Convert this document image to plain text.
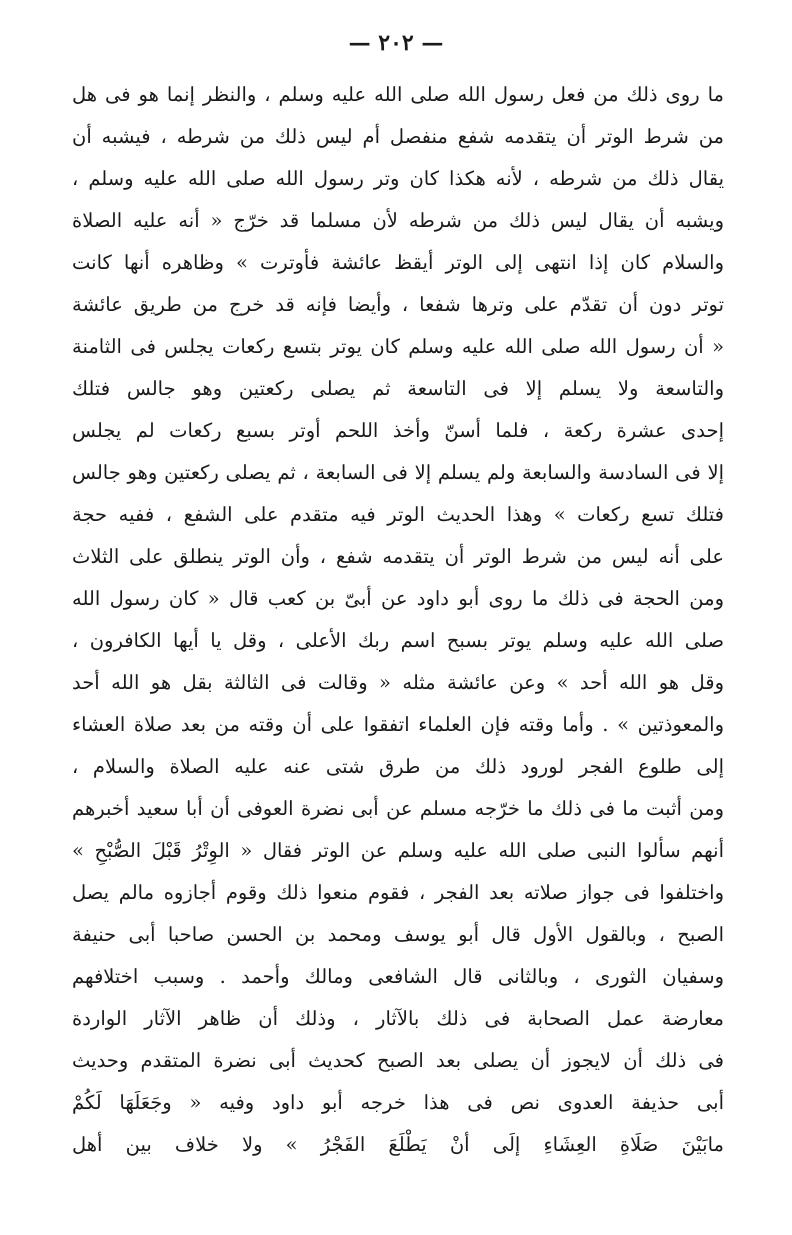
— ٢٠٢ —
ما روى ذلك من فعل رسول الله صلى الله عليه وسلم ، والنظر إنما هو فى هل
من شرط الوتر أن يتقدمه شفع منفصل أم ليس ذلك من شرطه ، فيشبه أن
يقال ذلك من شرطه ، لأنه هكذا كان وتر رسول الله صلى الله عليه وسلم ،
ويشبه أن يقال ليس ذلك من شرطه لأن مسلما قد خرّج « أنه عليه الصلاة
والسلام كان إذا انتهى إلى الوتر أيقظ عائشة فأوترت » وظاهره أنها كانت
توتر دون أن تقدّم على وترها شفعا ، وأيضا فإنه قد خرج من طريق عائشة
« أن رسول الله صلى الله عليه وسلم كان يوتر بتسع ركعات يجلس فى الثامنة
والتاسعة ولا يسلم إلا فى التاسعة ثم يصلى ركعتين وهو جالس فتلك
إحدى عشرة ركعة ، فلما أسنّ وأخذ اللحم أوتر بسبع ركعات لم يجلس
إلا فى السادسة والسابعة ولم يسلم إلا فى السابعة ، ثم يصلى ركعتين وهو جالس
فتلك تسع ركعات » وهذا الحديث الوتر فيه متقدم على الشفع ، ففيه حجة
على أنه ليس من شرط الوتر أن يتقدمه شفع ، وأن الوتر ينطلق على الثلاث
ومن الحجة فى ذلك ما روى أبو داود عن أبىّ بن كعب قال « كان رسول الله
صلى الله عليه وسلم يوتر بسبح اسم ربك الأعلى ، وقل يا أيها الكافرون ،
وقل هو الله أحد » وعن عائشة مثله « وقالت فى الثالثة بقل هو الله أحد
والمعوذتين » . وأما وقته فإن العلماء اتفقوا على أن وقته من بعد صلاة العشاء
إلى طلوع الفجر لورود ذلك من طرق شتى عنه عليه الصلاة والسلام ،
ومن أثبت ما فى ذلك ما خرّجه مسلم عن أبى نضرة العوفى أن أبا سعيد أخبرهم
أنهم سألوا النبى صلى الله عليه وسلم عن الوتر فقال « الوِتْرُ قَبْلَ الصُّبْحِ »
واختلفوا فى جواز صلاته بعد الفجر ، فقوم منعوا ذلك وقوم أجازوه مالم يصل
الصبح ، وبالقول الأول قال أبو يوسف ومحمد بن الحسن صاحبا أبى حنيفة
وسفيان الثورى ، وبالثانى قال الشافعى ومالك وأحمد . وسبب اختلافهم
معارضة عمل الصحابة فى ذلك بالآثار ، وذلك أن ظاهر الآثار الواردة
فى ذلك أن لايجوز أن يصلى بعد الصبح كحديث أبى نضرة المتقدم وحديث
أبى حذيفة العدوى نص فى هذا خرجه أبو داود وفيه « وجَعَلَهَا لَكُمْ
مابَيْنَ صَلَاةِ العِشَاءِ إلَى أنْ يَطْلَعَ الفَجْرُ » ولا خلاف بين أهل
